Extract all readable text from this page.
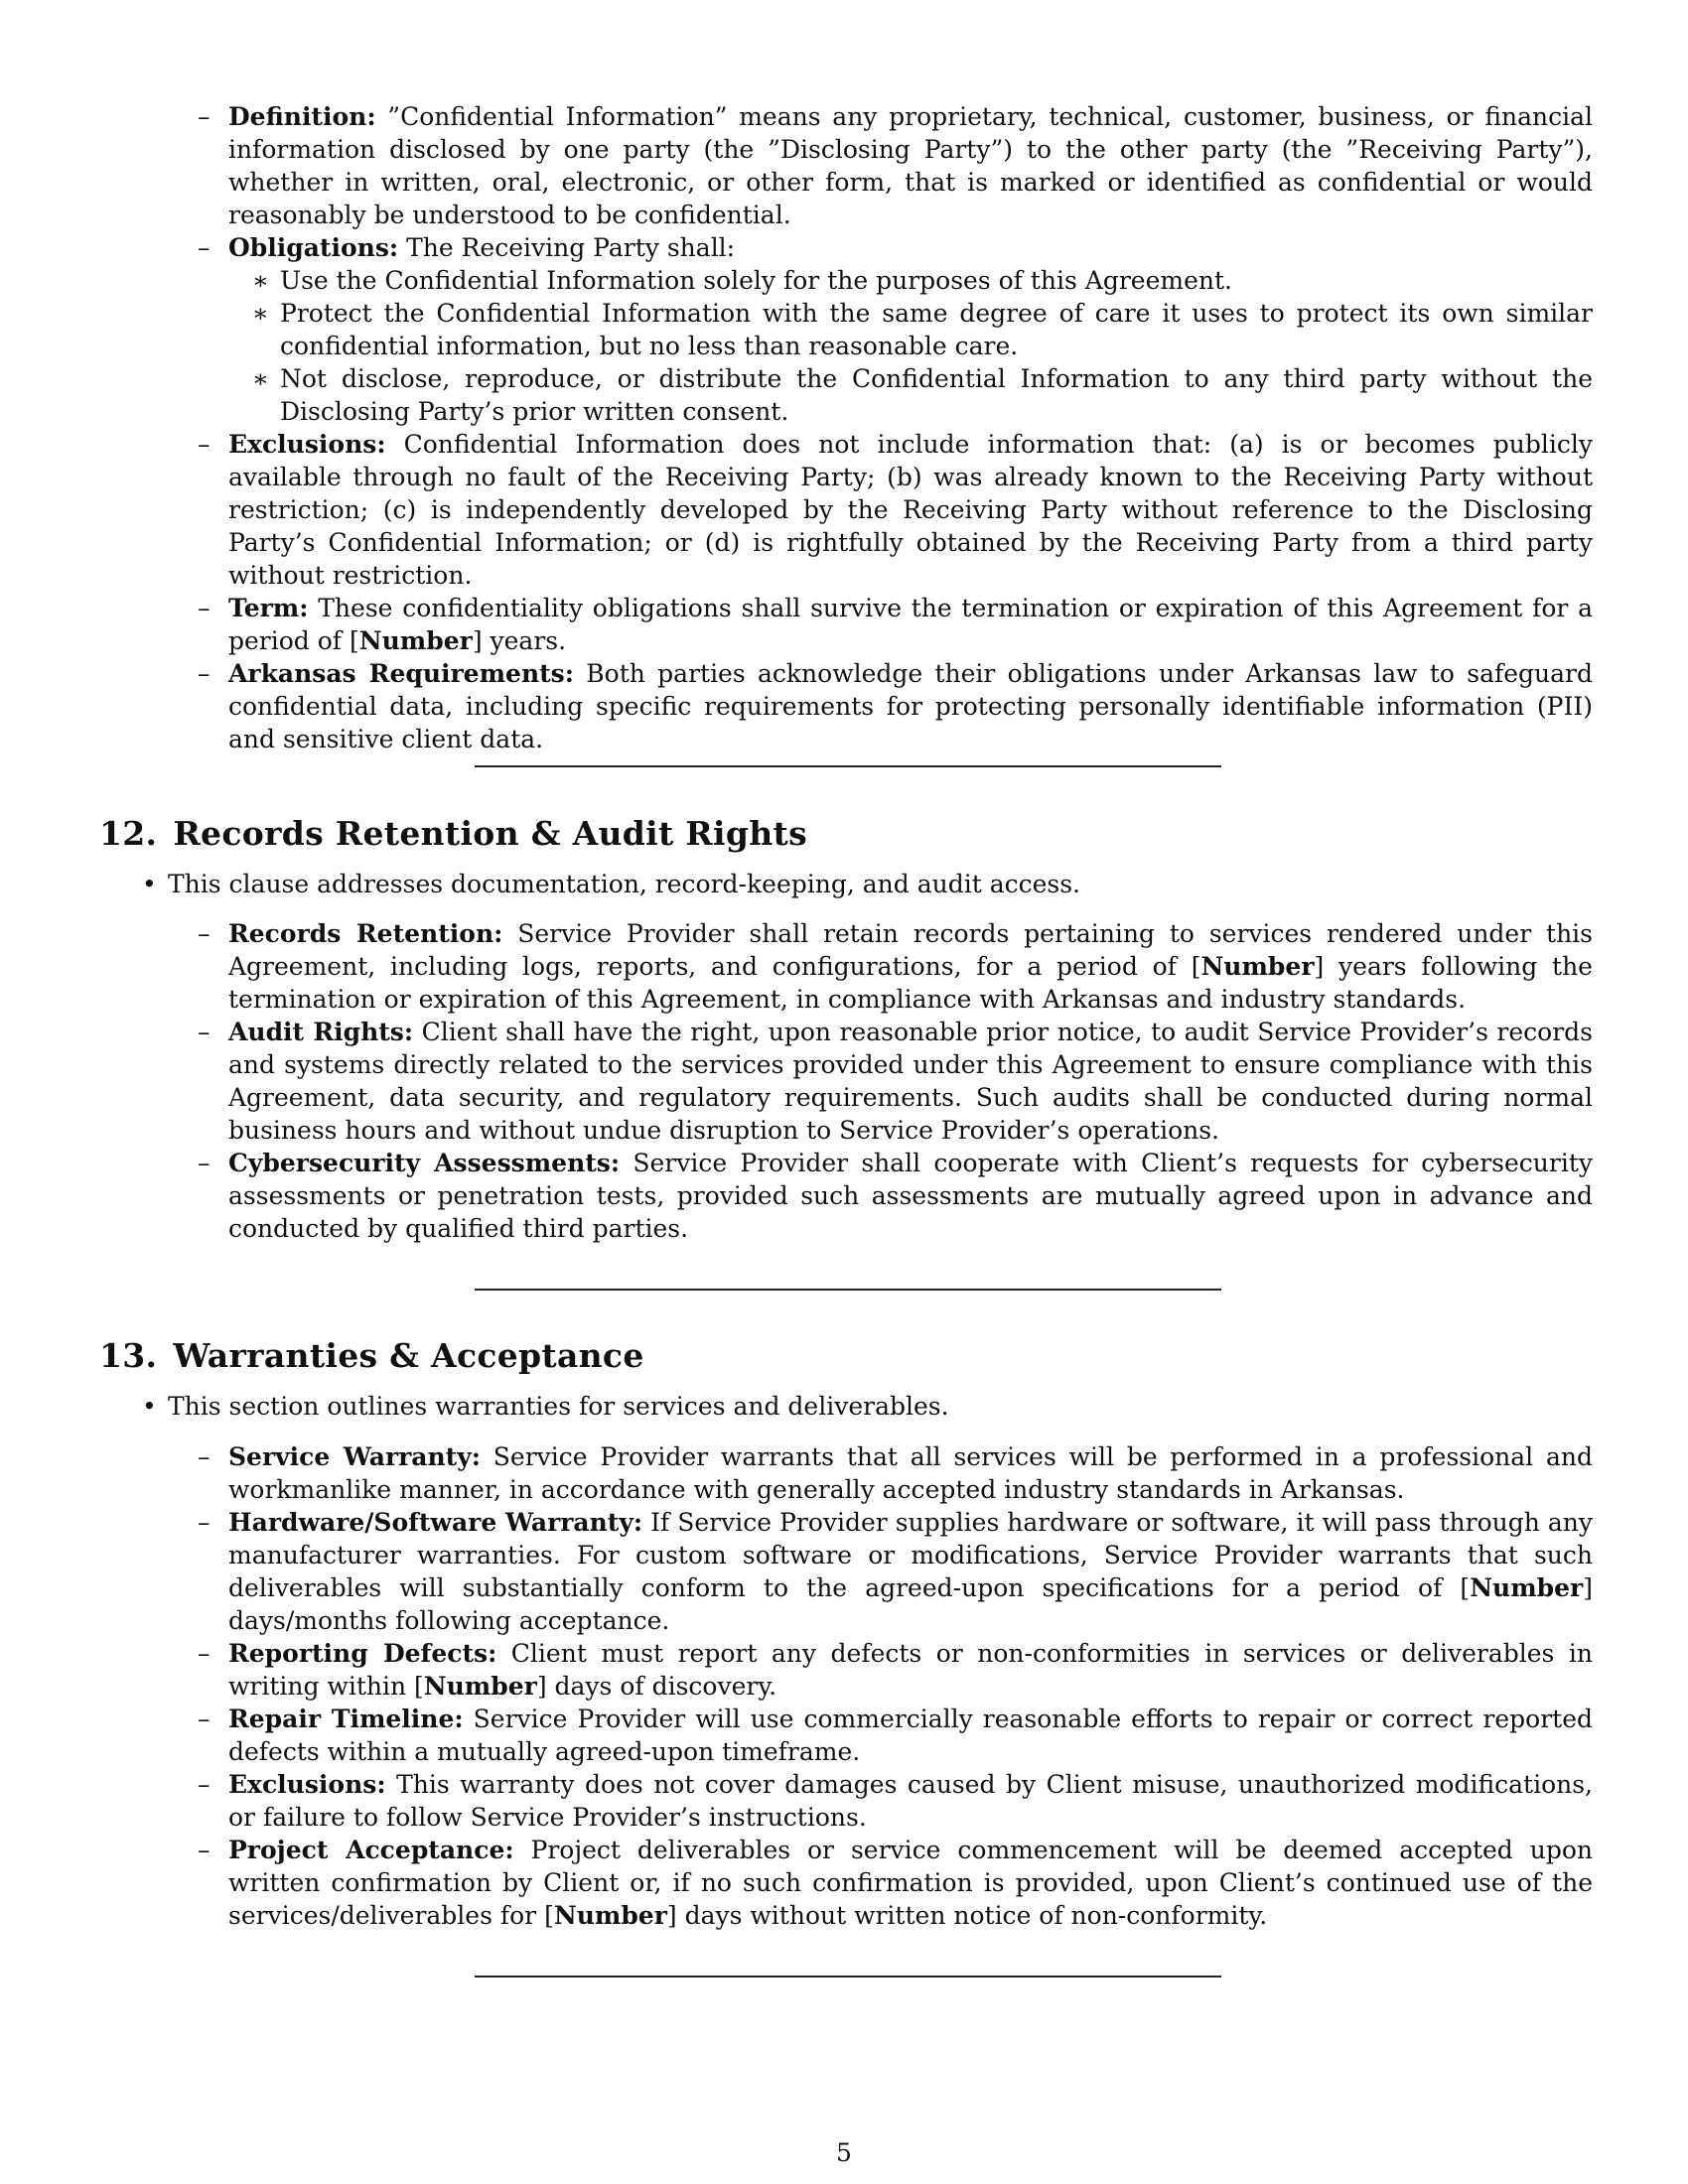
– Definition: ”Confidential Information” means any proprietary, technical, customer, business, or financial information disclosed by one party (the ”Disclosing Party”) to the other party (the ”Receiving Party”), whether in written, oral, electronic, or other form, that is marked or identified as confidential or would reasonably be understood to be confidential.
– Obligations: The Receiving Party shall:
∗ Use the Confidential Information solely for the purposes of this Agreement.
∗ Protect the Confidential Information with the same degree of care it uses to protect its own similar confidential information, but no less than reasonable care.
∗ Not disclose, reproduce, or distribute the Confidential Information to any third party without the Disclosing Party’s prior written consent.
– Exclusions: Confidential Information does not include information that: (a) is or becomes publicly available through no fault of the Receiving Party; (b) was already known to the Receiving Party without restriction; (c) is independently developed by the Receiving Party without reference to the Disclosing Party’s Confidential Information; or (d) is rightfully obtained by the Receiving Party from a third party without restriction.
– Term: These confidentiality obligations shall survive the termination or expiration of this Agreement for a period of [Number] years.
– Arkansas Requirements: Both parties acknowledge their obligations under Arkansas law to safeguard confidential data, including specific requirements for protecting personally identifiable information (PII) and sensitive client data.
12. Records Retention & Audit Rights
• This clause addresses documentation, record-keeping, and audit access.
– Records Retention: Service Provider shall retain records pertaining to services rendered under this Agreement, including logs, reports, and configurations, for a period of [Number] years following the termination or expiration of this Agreement, in compliance with Arkansas and industry standards.
– Audit Rights: Client shall have the right, upon reasonable prior notice, to audit Service Provider’s records and systems directly related to the services provided under this Agreement to ensure compliance with this Agreement, data security, and regulatory requirements. Such audits shall be conducted during normal business hours and without undue disruption to Service Provider’s operations.
– Cybersecurity Assessments: Service Provider shall cooperate with Client’s requests for cybersecurity assessments or penetration tests, provided such assessments are mutually agreed upon in advance and conducted by qualified third parties.
13. Warranties & Acceptance
• This section outlines warranties for services and deliverables.
– Service Warranty: Service Provider warrants that all services will be performed in a professional and workmanlike manner, in accordance with generally accepted industry standards in Arkansas.
– Hardware/Software Warranty: If Service Provider supplies hardware or software, it will pass through any manufacturer warranties. For custom software or modifications, Service Provider warrants that such deliverables will substantially conform to the agreed-upon specifications for a period of [Number] days/months following acceptance.
– Reporting Defects: Client must report any defects or non-conformities in services or deliverables in writing within [Number] days of discovery.
– Repair Timeline: Service Provider will use commercially reasonable efforts to repair or correct reported defects within a mutually agreed-upon timeframe.
– Exclusions: This warranty does not cover damages caused by Client misuse, unauthorized modifications, or failure to follow Service Provider’s instructions.
– Project Acceptance: Project deliverables or service commencement will be deemed accepted upon written confirmation by Client or, if no such confirmation is provided, upon Client’s continued use of the services/deliverables for [Number] days without written notice of non-conformity.
5
